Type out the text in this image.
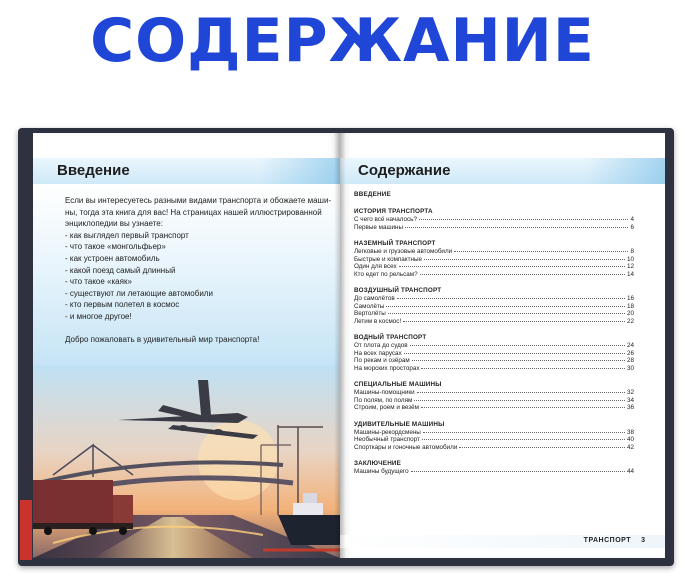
СОДЕРЖАНИЕ
Введение
Если вы интересуетесь разными видами транспорта и обожаете маши-
ны, тогда эта книга для вас! На страницах нашей иллюстрированной
энциклопедии вы узнаете:
- как выглядел первый транспорт
- что такое «монгольфьер»
- как устроен автомобиль
- какой поезд самый длинный
- что такое «каяк»
- существуют ли летающие автомобили
- кто первым полетел в космос
- и многое другое!
Добро пожаловать в удивительный мир транспорта!
Содержание
ВВЕДЕНИЕ
ИСТОРИЯ ТРАНСПОРТА
С чего всё началось?	4
Первые машины	6
НАЗЕМНЫЙ ТРАНСПОРТ
Легковые и грузовые автомобили	8
Быстрые и компактные	10
Один для всех	12
Кто едет по рельсам?	14
ВОЗДУШНЫЙ ТРАНСПОРТ
До самолётов	16
Самолёты	18
Вертолёты	20
Летим в космос!	22
ВОДНЫЙ ТРАНСПОРТ
От плота до судов	24
На всех парусах	26
По рекам и озёрам	28
На морских просторах	30
СПЕЦИАЛЬНЫЕ МАШИНЫ
Машины-помощники	32
По полям, по полям	34
Строим, роем и везём	36
УДИВИТЕЛЬНЫЕ МАШИНЫ
Машины-рекордсмены	38
Необычный транспорт	40
Спорткары и гоночные автомобили	42
ЗАКЛЮЧЕНИЕ
Машины будущего	44
ТРАНСПОРТ 3
